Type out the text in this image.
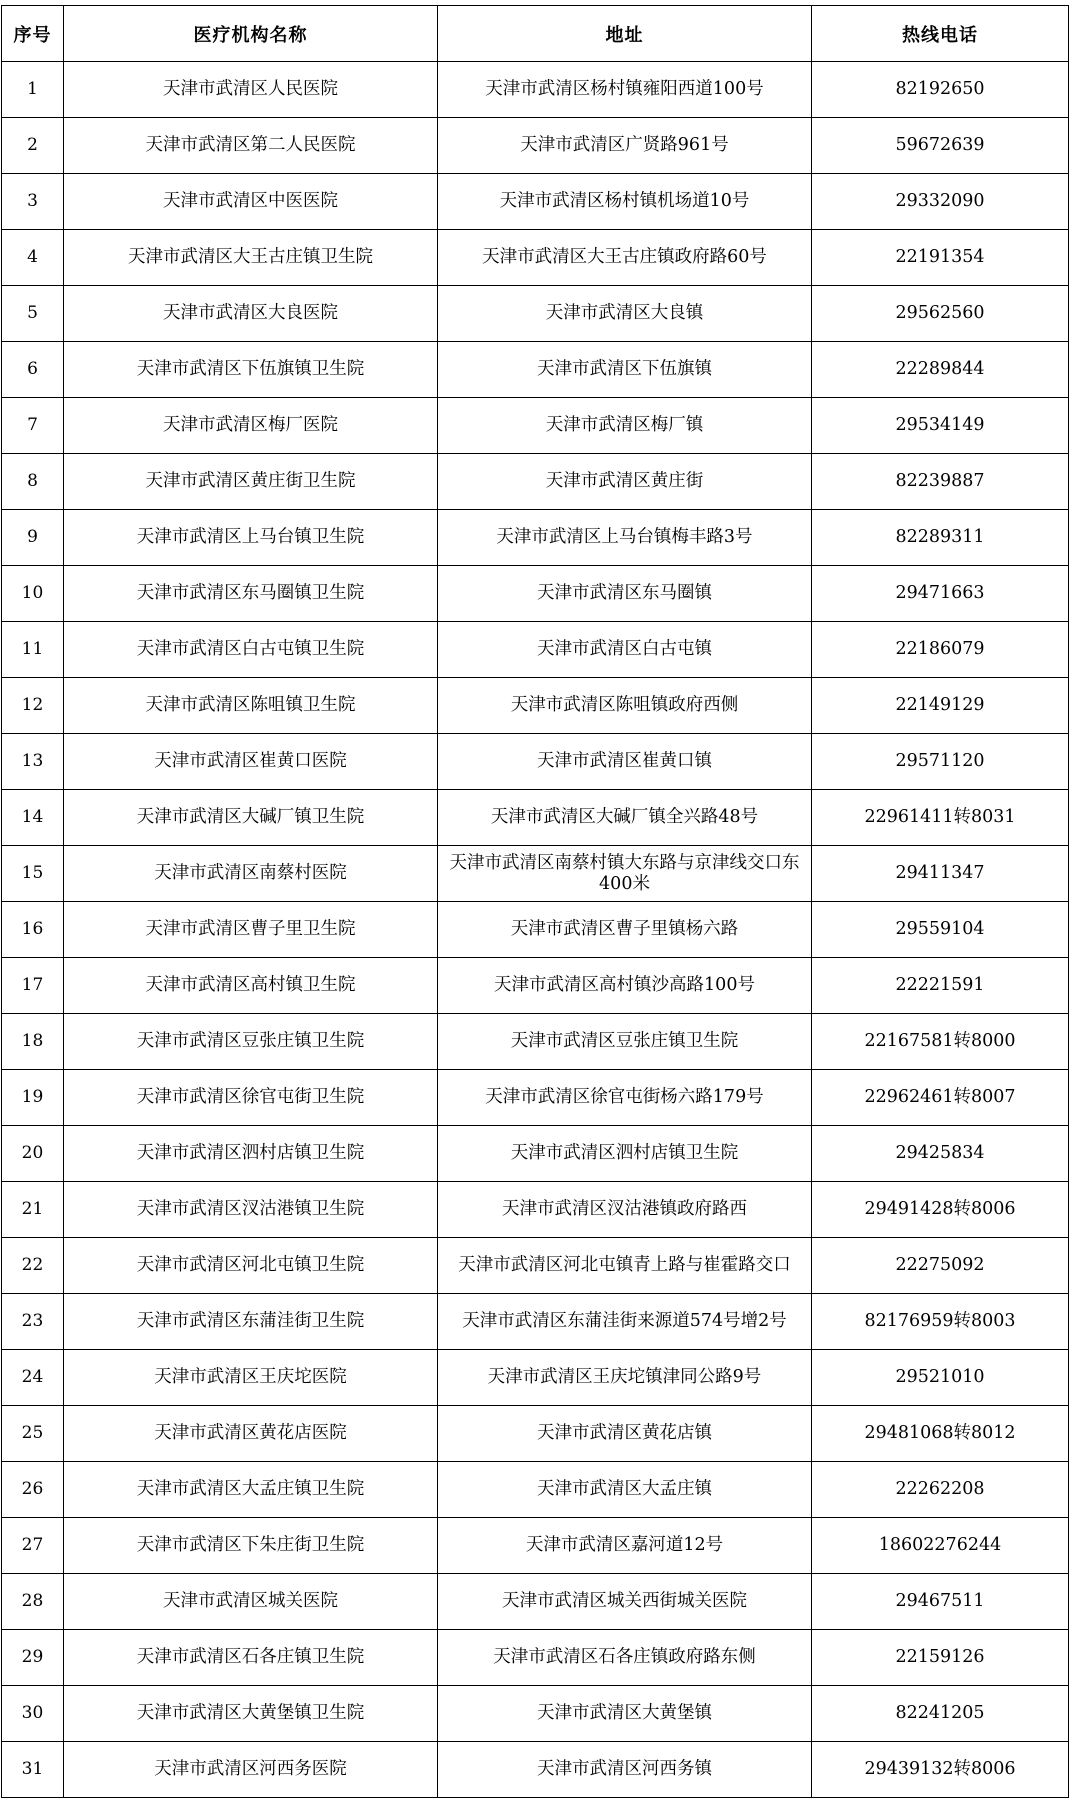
序号	医疗机构名称	地址	热线电话
1	天津市武清区人民医院	天津市武清区杨村镇雍阳西道100号	82192650
2	天津市武清区第二人民医院	天津市武清区广贤路961号	59672639
3	天津市武清区中医医院	天津市武清区杨村镇机场道10号	29332090
4	天津市武清区大王古庄镇卫生院	天津市武清区大王古庄镇政府路60号	22191354
5	天津市武清区大良医院	天津市武清区大良镇	29562560
6	天津市武清区下伍旗镇卫生院	天津市武清区下伍旗镇	22289844
7	天津市武清区梅厂医院	天津市武清区梅厂镇	29534149
8	天津市武清区黄庄街卫生院	天津市武清区黄庄街	82239887
9	天津市武清区上马台镇卫生院	天津市武清区上马台镇梅丰路3号	82289311
10	天津市武清区东马圈镇卫生院	天津市武清区东马圈镇	29471663
11	天津市武清区白古屯镇卫生院	天津市武清区白古屯镇	22186079
12	天津市武清区陈咀镇卫生院	天津市武清区陈咀镇政府西侧	22149129
13	天津市武清区崔黄口医院	天津市武清区崔黄口镇	29571120
14	天津市武清区大碱厂镇卫生院	天津市武清区大碱厂镇全兴路48号	22961411转8031
15	天津市武清区南蔡村医院	天津市武清区南蔡村镇大东路与京津线交口东400米	29411347
16	天津市武清区曹子里卫生院	天津市武清区曹子里镇杨六路	29559104
17	天津市武清区高村镇卫生院	天津市武清区高村镇沙高路100号	22221591
18	天津市武清区豆张庄镇卫生院	天津市武清区豆张庄镇卫生院	22167581转8000
19	天津市武清区徐官屯街卫生院	天津市武清区徐官屯街杨六路179号	22962461转8007
20	天津市武清区泗村店镇卫生院	天津市武清区泗村店镇卫生院	29425834
21	天津市武清区汊沽港镇卫生院	天津市武清区汊沽港镇政府路西	29491428转8006
22	天津市武清区河北屯镇卫生院	天津市武清区河北屯镇青上路与崔霍路交口	22275092
23	天津市武清区东蒲洼街卫生院	天津市武清区东蒲洼街来源道574号增2号	82176959转8003
24	天津市武清区王庆坨医院	天津市武清区王庆坨镇津同公路9号	29521010
25	天津市武清区黄花店医院	天津市武清区黄花店镇	29481068转8012
26	天津市武清区大孟庄镇卫生院	天津市武清区大孟庄镇	22262208
27	天津市武清区下朱庄街卫生院	天津市武清区嘉河道12号	18602276244
28	天津市武清区城关医院	天津市武清区城关西街城关医院	29467511
29	天津市武清区石各庄镇卫生院	天津市武清区石各庄镇政府路东侧	22159126
30	天津市武清区大黄堡镇卫生院	天津市武清区大黄堡镇	82241205
31	天津市武清区河西务医院	天津市武清区河西务镇	29439132转8006
